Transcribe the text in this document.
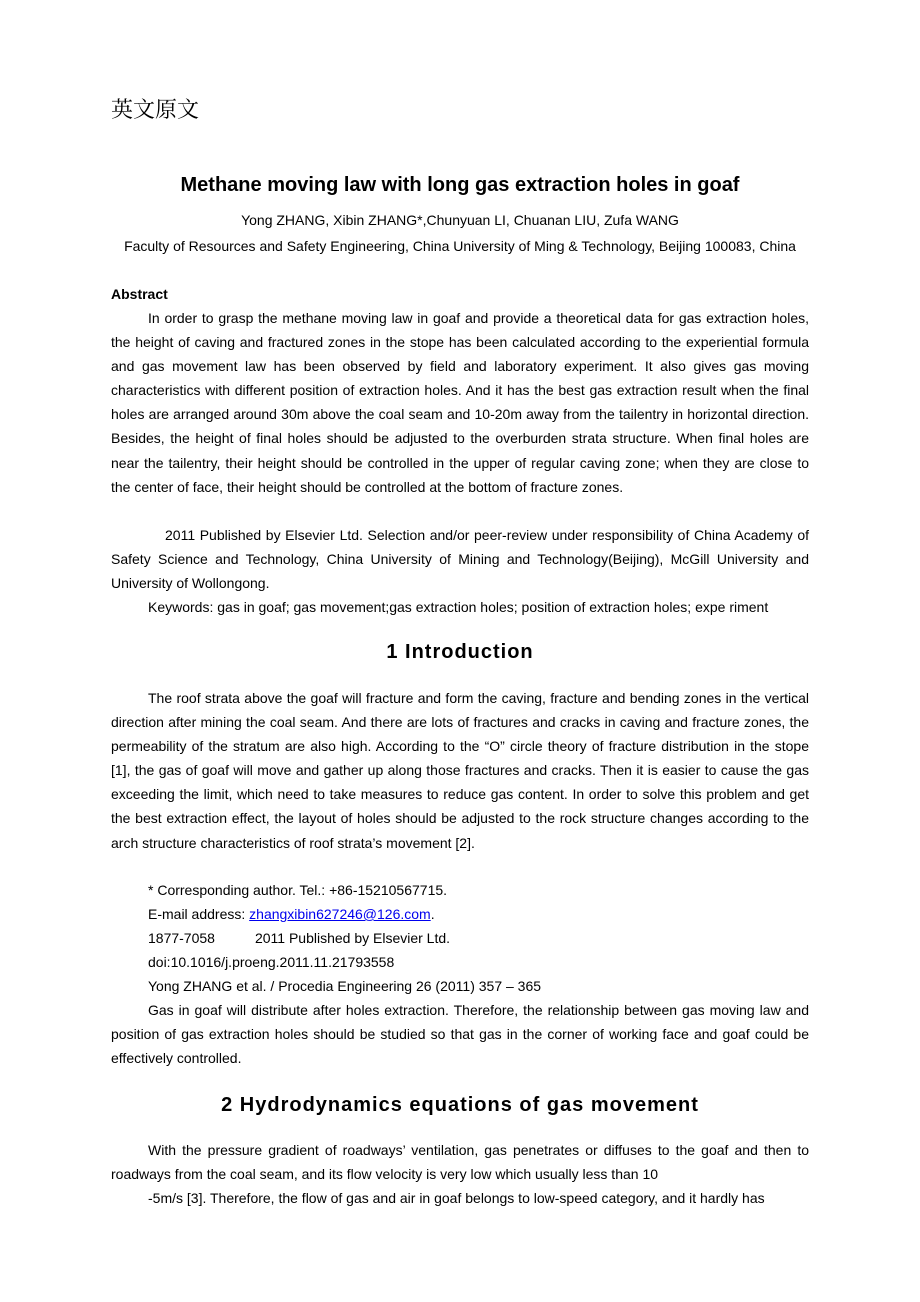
英文原文
Methane moving law with long gas extraction holes in goaf
Yong ZHANG, Xibin ZHANG*,Chunyuan LI, Chuanan LIU, Zufa WANG
Faculty of Resources and Safety Engineering, China University of Ming & Technology, Beijing 100083, China
Abstract
In order to grasp the methane moving law in goaf and provide a theoretical data for gas extraction holes, the height of caving and fractured zones in the stope has been calculated according to the experiential formula and gas movement law has been observed by field and laboratory experiment. It also gives gas moving characteristics with different position of extraction holes. And it has the best gas extraction result when the final holes are arranged around 30m above the coal seam and 10-20m away from the tailentry in horizontal direction. Besides, the height of final holes should be adjusted to the overburden strata structure. When final holes are near the tailentry, their height should be controlled in the upper of regular caving zone; when they are close to the center of face, their height should be controlled at the bottom of fracture zones.
2011 Published by Elsevier Ltd. Selection and/or peer-review under responsibility of China Academy of Safety Science and Technology, China University of Mining and Technology(Beijing), McGill University and University of Wollongong.
Keywords: gas in goaf; gas movement;gas extraction holes; position of extraction holes; expe riment
1 Introduction
The roof strata above the goaf will fracture and form the caving, fracture and bending zones in the vertical direction after mining the coal seam. And there are lots of fractures and cracks in caving and fracture zones, the permeability of the stratum are also high. According to the “O” circle theory of fracture distribution in the stope [1], the gas of goaf will move and gather up along those fractures and cracks. Then it is easier to cause the gas exceeding the limit, which need to take measures to reduce gas content. In order to solve this problem and get the best extraction effect, the layout of holes should be adjusted to the rock structure changes according to the arch structure characteristics of roof strata’s movement [2].
* Corresponding author. Tel.: +86-15210567715.
E-mail address: zhangxibin627246@126.com.
1877-7058	2011 Published by Elsevier Ltd.
doi:10.1016/j.proeng.2011.11.21793558
Yong ZHANG et al. / Procedia Engineering 26 (2011) 357 – 365
Gas in goaf will distribute after holes extraction. Therefore, the relationship between gas moving law and position of gas extraction holes should be studied so that gas in the corner of working face and goaf could be effectively controlled.
2 Hydrodynamics equations of gas movement
With the pressure gradient of roadways’ ventilation, gas penetrates or diffuses to the goaf and then to roadways from the coal seam, and its flow velocity is very low which usually less than 10
-5m/s [3]. Therefore, the flow of gas and air in goaf belongs to low-speed category, and it hardly has
